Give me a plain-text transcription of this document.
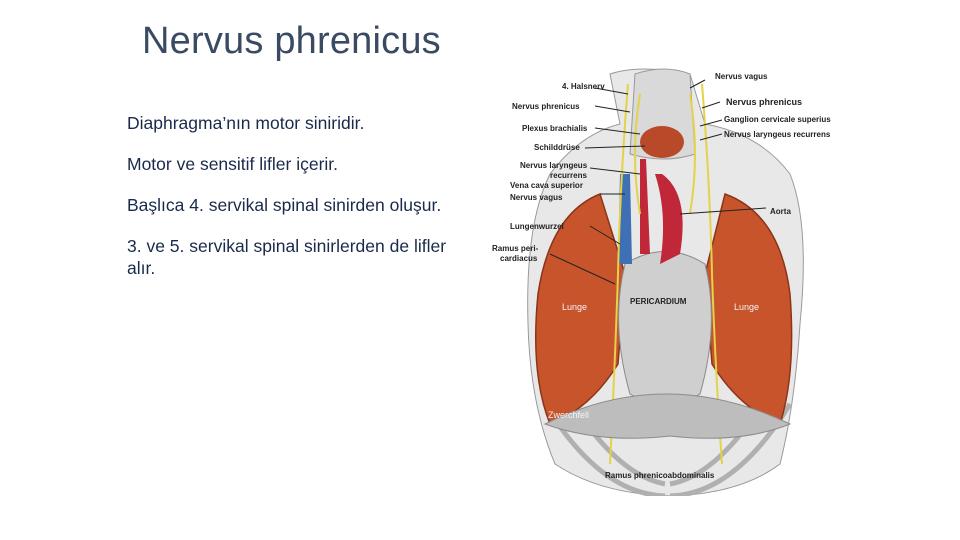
Nervus phrenicus
Diaphragma’nın motor siniridir.
Motor ve sensitif lifler içerir.
Başlıca 4. servikal spinal sinirden oluşur.
3. ve 5. servikal spinal sinirlerden de lifler alır.
4. Halsnerv
Nervus phrenicus
Plexus brachialis
Schilddrüse
Nervus laryngeus
recurrens
Vena cava superior
Nervus vagus
Lungenwurzel
Ramus peri-
cardiacus
Nervus vagus
Nervus phrenicus
Ganglion cervicale superius
Nervus laryngeus recurrens
Aorta
Lunge	Lunge
PERICARDIUM
Zwerchfell
Ramus phrenicoabdominalis
